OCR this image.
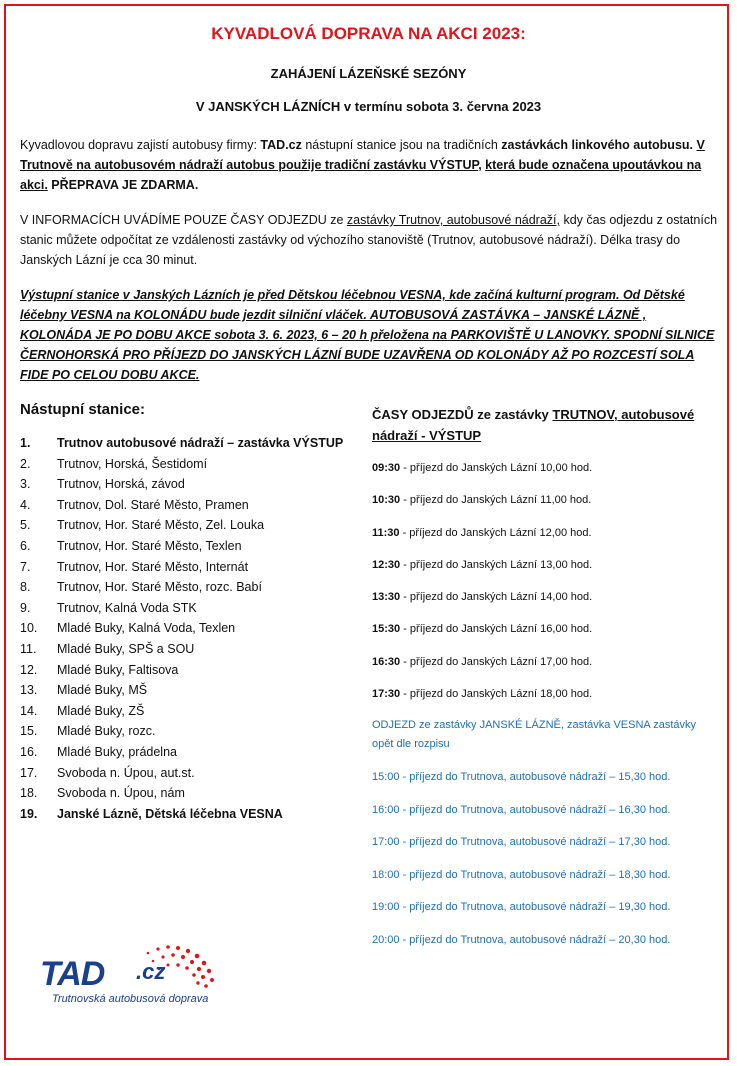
KYVADLOVÁ DOPRAVA NA AKCI 2023:
ZAHÁJENÍ LÁZEŇSKÉ SEZÓNY
V JANSKÝCH LÁZNÍCH v termínu sobota 3. června 2023
Kyvadlovou dopravu zajistí autobusy firmy: TAD.cz nástupní stanice jsou na tradičních zastávkách linkového autobusu. V Trutnově na autobusovém nádraží autobus použije tradiční zastávku VÝSTUP, která bude označena upoutávkou na akci. PŘEPRAVA JE ZDARMA.
V INFORMACÍCH UVÁDÍME POUZE ČASY ODJEZDU ze zastávky Trutnov, autobusové nádraží, kdy čas odjezdu z ostatních stanic můžete odpočítat ze vzdálenosti zastávky od výchozího stanoviště (Trutnov, autobusové nádraží). Délka trasy do Janských Lázní je cca 30 minut.
Výstupní stanice v Janských Lázních je před Dětskou léčebnou VESNA, kde začíná kulturní program. Od Dětské léčebny VESNA na KOLONÁDU bude jezdit silniční vláček. AUTOBUSOVÁ ZASTÁVKA – JANSKÉ LÁZNĚ , KOLONÁDA JE PO DOBU AKCE sobota 3. 6. 2023, 6 – 20 h přeložena na PARKOVIŠTĚ U LANOVKY. SPODNÍ SILNICE ČERNOHORSKÁ PRO PŘÍJEZD DO JANSKÝCH LÁZNÍ BUDE UZAVŘENA OD KOLONÁDY AŽ PO ROZCESTÍ SOLA FIDE PO CELOU DOBU AKCE.
Nástupní stanice:
1. Trutnov autobusové nádraží – zastávka VÝSTUP
2. Trutnov, Horská, Šestidomí
3. Trutnov, Horská, závod
4. Trutnov, Dol. Staré Město, Pramen
5. Trutnov, Hor. Staré Město, Zel. Louka
6. Trutnov, Hor. Staré Město, Texlen
7. Trutnov, Hor. Staré Město, Internát
8. Trutnov, Hor. Staré Město, rozc. Babí
9. Trutnov, Kalná Voda STK
10. Mladé Buky, Kalná Voda, Texlen
11. Mladé Buky, SPŠ a SOU
12. Mladé Buky, Faltisova
13. Mladé Buky, MŠ
14. Mladé Buky, ZŠ
15. Mladé Buky, rozc.
16. Mladé Buky, prádelna
17. Svoboda n. Úpou, aut.st.
18. Svoboda n. Úpou, nám
19. Janské Lázně, Dětská léčebna VESNA
ČASY ODJEZDŮ ze zastávky TRUTNOV, autobusové nádraží - VÝSTUP
09:30 - příjezd do Janských Lázní 10,00 hod.
10:30 - příjezd do Janských Lázní 11,00 hod.
11:30 - příjezd do Janských Lázní 12,00 hod.
12:30 - příjezd do Janských Lázní 13,00 hod.
13:30 - příjezd do Janských Lázní 14,00 hod.
15:30 - příjezd do Janských Lázní 16,00 hod.
16:30 - příjezd do Janských Lázní 17,00 hod.
17:30 - příjezd do Janských Lázní 18,00 hod.
ODJEZD ze zastávky JANSKÉ LÁZNĚ, zastávka VESNA zastávky opět dle rozpisu
15:00 - příjezd do Trutnova, autobusové nádraží – 15,30 hod.
16:00 - příjezd do Trutnova, autobusové nádraží – 16,30 hod.
17:00 - příjezd do Trutnova, autobusové nádraží – 17,30 hod.
18:00 - příjezd do Trutnova, autobusové nádraží – 18,30 hod.
19:00 - příjezd do Trutnova, autobusové nádraží – 19,30 hod.
20:00 - příjezd do Trutnova, autobusové nádraží – 20,30 hod.
TAD .cz
Trutnovská autobusová doprava
